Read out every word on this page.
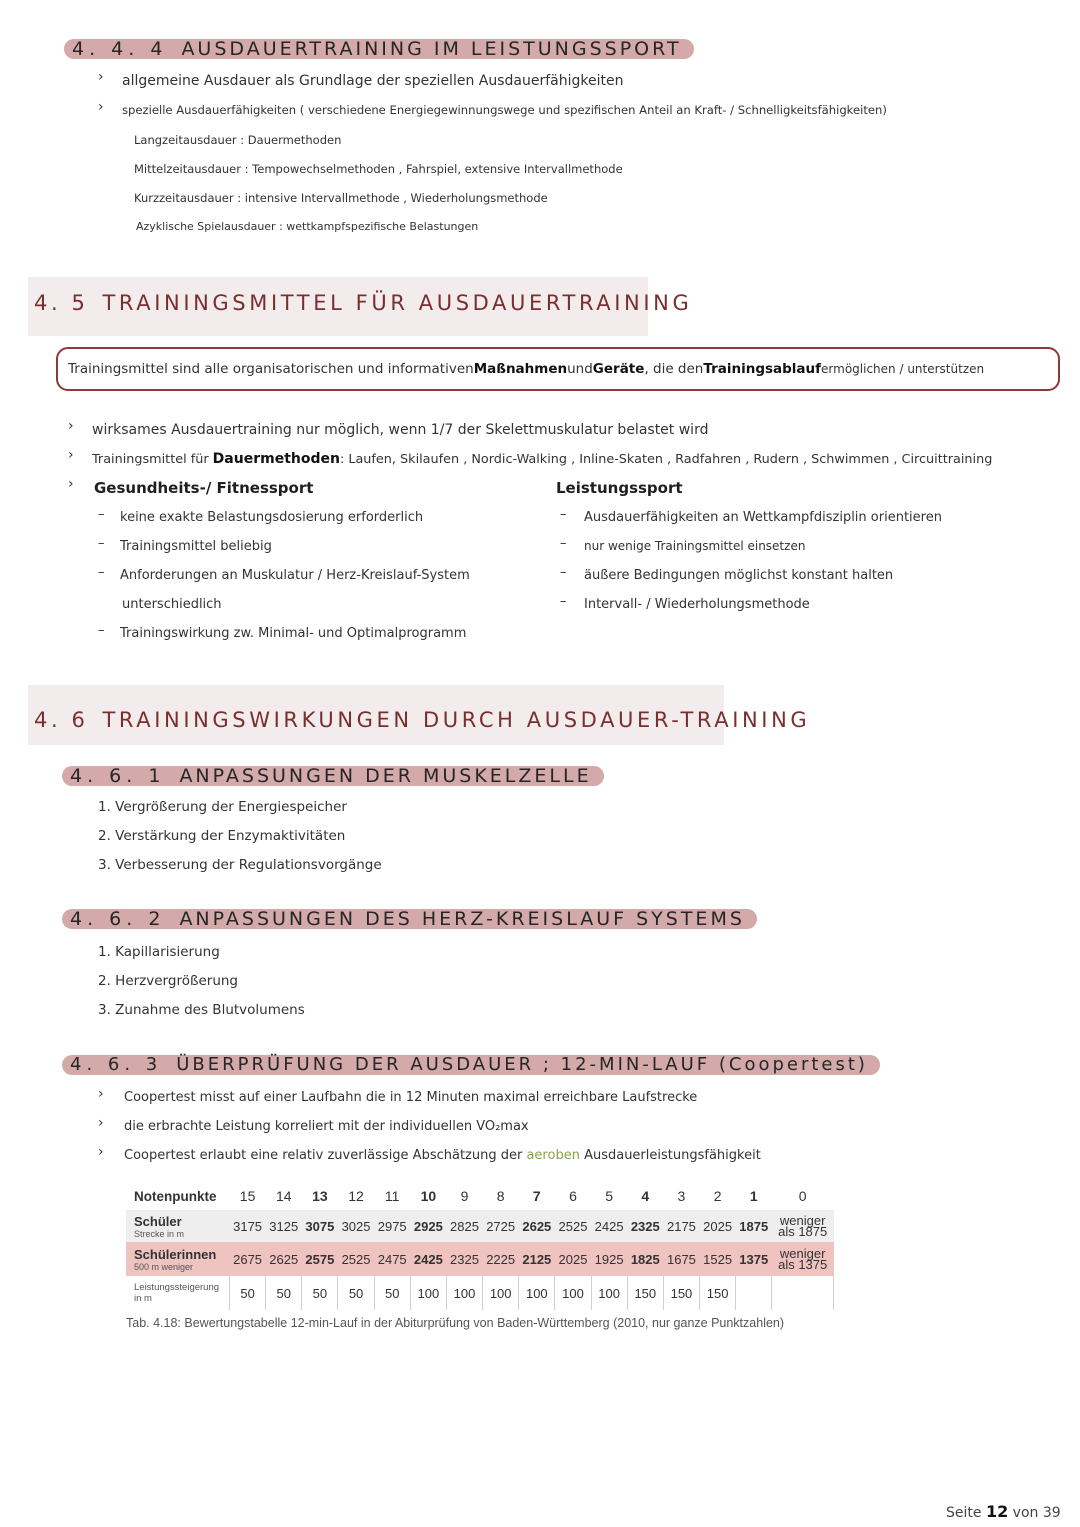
4. 4. 4 AUSDAUERTRAINING IM LEISTUNGSSPORT
› allgemeine Ausdauer als Grundlage der speziellen Ausdauerfähigkeiten
› spezielle Ausdauerfähigkeiten ( verschiedene Energiegewinnungswege und spezifischen Anteil an Kraft- / Schnelligkeitsfähigkeiten)
Langzeitausdauer : Dauermethoden
Mittelzeitausdauer : Tempowechselmethoden , Fahrspiel, extensive Intervallmethode
Kurzzeitausdauer : intensive Intervallmethode , Wiederholungsmethode
Azyklische Spielausdauer : wettkampfspezifische Belastungen
4. 5 TRAININGSMITTEL FÜR AUSDAUERTRAINING
Trainingsmittel sind alle organisatorischen und informativen Maßnahmen und Geräte , die den Trainingsablauf ermöglichen / unterstützen
› wirksames Ausdauertraining nur möglich, wenn 1/7 der Skelettmuskulatur belastet wird
› Trainingsmittel für Dauermethoden: Laufen, Skilaufen , Nordic-Walking , Inline-Skaten , Radfahren , Rudern , Schwimmen , Circuittraining
› Gesundheits-/ Fitnessport	Leistungssport
– keine exakte Belastungsdosierung erforderlich
– Trainingsmittel beliebig
– Anforderungen an Muskulatur / Herz-Kreislauf-System
unterschiedlich
– Trainingswirkung zw. Minimal- und Optimalprogramm
– Ausdauerfähigkeiten an Wettkampfdisziplin orientieren
– nur wenige Trainingsmittel einsetzen
– äußere Bedingungen möglichst konstant halten
– Intervall- / Wiederholungsmethode
4. 6 TRAININGSWIRKUNGEN DURCH AUSDAUER-TRAINING
4. 6. 1 ANPASSUNGEN DER MUSKELZELLE
1. Vergrößerung der Energiespeicher
2. Verstärkung der Enzymaktivitäten
3. Verbesserung der Regulationsvorgänge
4. 6. 2 ANPASSUNGEN DES HERZ-KREISLAUF SYSTEMS
1. Kapillarisierung
2. Herzvergrößerung
3. Zunahme des Blutvolumens
4. 6. 3 ÜBERPRÜFUNG DER AUSDAUER ; 12-MIN-LAUF (Coopertest)
› Coopertest misst auf einer Laufbahn die in 12 Minuten maximal erreichbare Laufstrecke
› die erbrachte Leistung korreliert mit der individuellen VO₂max
› Coopertest erlaubt eine relativ zuverlässige Abschätzung der aeroben Ausdauerleistungsfähigkeit
Notenpunkte	15	14	13	12	11	10	9	8	7	6	5	4	3	2	1	0

Schüler
Strecke in m	3175	3125	3075	3025	2975	2925	2825	2725	2625	2525	2425	2325	2175	2025	1875	weniger
als 1875

Schülerinnen
500 m weniger	2675	2625	2575	2525	2475	2425	2325	2225	2125	2025	1925	1825	1675	1525	1375	weniger
als 1375

Leistungssteigerung
in m	50	50	50	50	50	100	100	100	100	100	100	150	150	150		
Tab. 4.18: Bewertungstabelle 12-min-Lauf in der Abiturprüfung von Baden-Württemberg (2010, nur ganze Punktzahlen)
Seite 12 von 39
